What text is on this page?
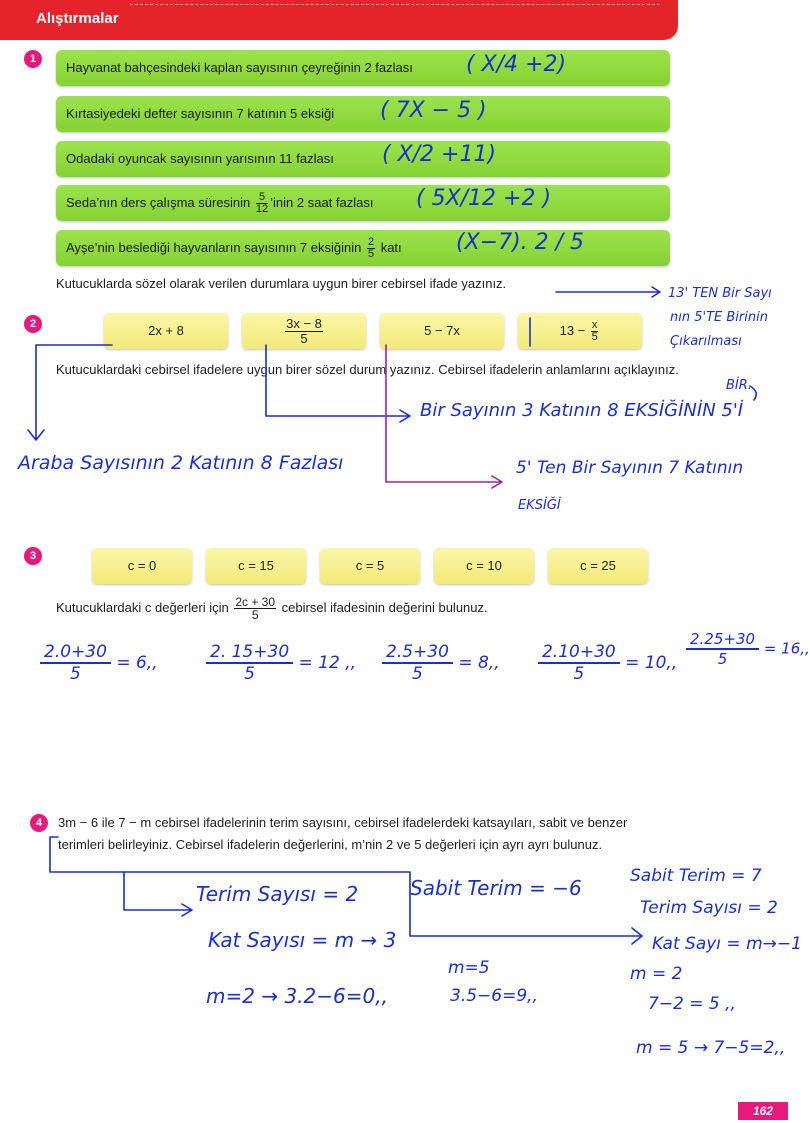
Alıştırmalar
1
Hayvanat bahçesindeki kaplan sayısının çeyreğinin 2 fazlası
Kırtasiyedeki defter sayısının 7 katının 5 eksiği
Odadaki oyuncak sayısının yarısının 11 fazlası
Seda’nın ders çalışma süresinin $\frac{5}{12}$ ’inin 2 saat fazlası
Ayşe’nin beslediği hayvanların sayısının 7 eksiğinin $\frac{2}{5}$ katı
( X/4 +2)
( 7X − 5 )
( X/2 +11)
( 5X/12 +2 )
(X−7). 2 / 5
Kutucuklarda sözel olarak verilen durumlara uygun birer cebirsel ifade yazınız.
2	2x + 8	$\frac{3x - 8}{5}$	5 − 7x	$13 - \frac{x}{5}$
Kutucuklardaki cebirsel ifadelere uygun birer sözel durum yazınız. Cebirsel ifadelerin anlamlarını açıklayınız.
Araba Sayısının 2 Katının 8 Fazlası
Bir Sayının 3 Katının 8 EKSİĞİNİN 5'İ
BİR.
5' Ten Bir Sayının 7 Katının
EKSİĞİ
13' TEN Bir Sayı
nın 5'TE Birinin
Çıkarılması
3
c = 0	c = 15	c = 5	c = 10	c = 25
Kutucuklardaki c değerleri için $\frac{2c + 30}{5}$ cebirsel ifadesinin değerini bulunuz.
$\frac{2.0+30}{5} = 6$,,	$\frac{2. 15+30}{5} = 12$ ,, $\frac{2.5+30}{5} = 8$,, $\frac{2.10+30}{5} = 10$,, $\frac{2.25+30}{5} = 16$,,
4	3m − 6 ile 7 − m cebirsel ifadelerinin terim sayısını, cebirsel ifadelerdeki katsayıları, sabit ve benzer
terimleri belirleyiniz. Cebirsel ifadelerin değerlerini, m’nin 2 ve 5 değerleri için ayrı ayrı bulunuz.
Terim Sayısı = 2
Kat Sayısı = m → 3
Sabit Terim = −6
m=2 → 3.2−6=0,,
m=5
3.5−6=9,,
Sabit Terim = 7
Terim Sayısı = 2
Kat Sayı = m→−1
m = 2
7−2 = 5 ,,
m = 5 → 7−5=2,,
162
